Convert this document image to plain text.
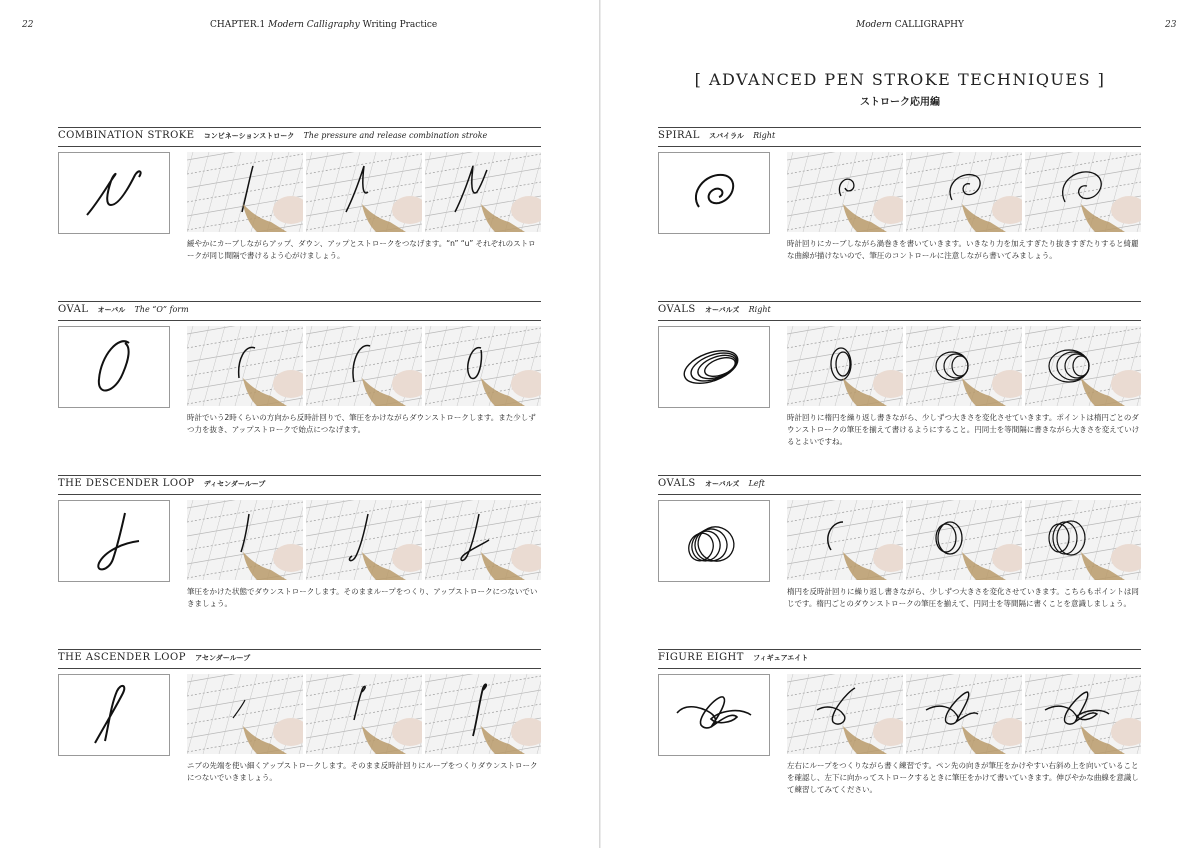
22	CHAPTER.1 Modern Calligraphy Writing Practice	Modern CALLIGRAPHY	23
[ ADVANCED PEN STROKE TECHNIQUES ]
ストローク応用編
COMBINATION STROKE コンビネーションストローク The pressure and release combination stroke
緩やかにカーブしながらアップ、ダウン、アップとストロークをつなげます。“n” “u” それぞれのストロークが同じ間隔で書けるよう心がけましょう。
OVAL オーバル The “O” form
時計でいう2時くらいの方向から反時計回りで、筆圧をかけながらダウンストロークします。また少しずつ力を抜き、アップストロークで始点につなげます。
THE DESCENDER LOOP ディセンダーループ
筆圧をかけた状態でダウンストロークします。そのままループをつくり、アップストロークにつないでいきましょう。
THE ASCENDER LOOP アセンダーループ
ニブの先端を使い細くアップストロークします。そのまま反時計回りにループをつくりダウンストロークにつないでいきましょう。
SPIRAL スパイラル Right
時計回りにカーブしながら渦巻きを書いていきます。いきなり力を加えすぎたり抜きすぎたりすると綺麗な曲線が描けないので、筆圧のコントロールに注意しながら書いてみましょう。
OVALS オーバルズ Right
時計回りに楕円を繰り返し書きながら、少しずつ大きさを変化させていきます。ポイントは楕円ごとのダウンストロークの筆圧を揃えて書けるようにすること。円同士を等間隔に書きながら大きさを変えていけるとよいですね。
OVALS オーバルズ Left
楕円を反時計回りに繰り返し書きながら、少しずつ大きさを変化させていきます。こちらもポイントは同じです。楕円ごとのダウンストロークの筆圧を揃えて、円同士を等間隔に書くことを意識しましょう。
FIGURE EIGHT フィギュアエイト
左右にループをつくりながら書く練習です。ペン先の向きが筆圧をかけやすい右斜め上を向いていることを確認し、左下に向かってストロークするときに筆圧をかけて書いていきます。伸びやかな曲線を意識して練習してみてください。
